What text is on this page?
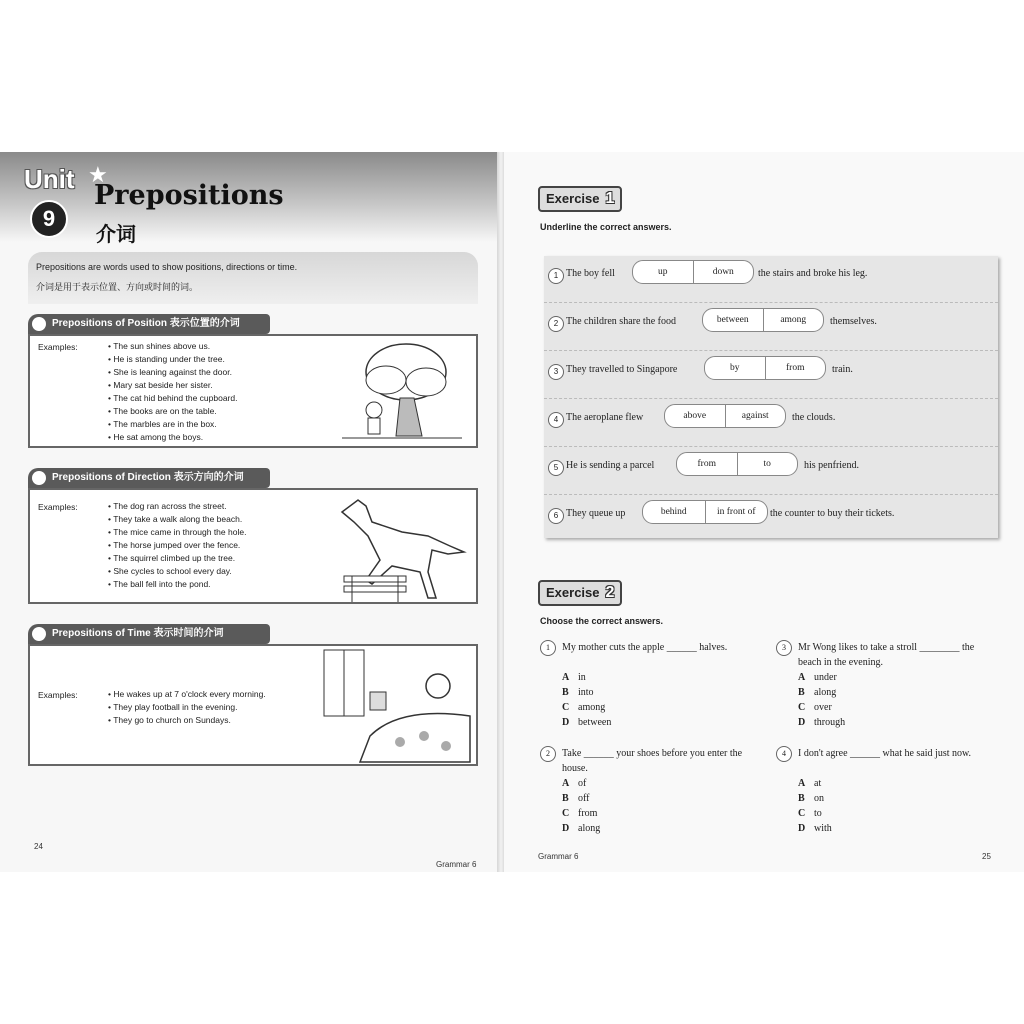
Unit
9
★
Prepositions
介词
Prepositions are words used to show positions, directions or time.
介词是用于表示位置、方向或时间的词。
Prepositions of Position 表示位置的介词
Examples:	• The sun shines above us.
• He is standing under the tree.
• She is leaning against the door.
• Mary sat beside her sister.
• The cat hid behind the cupboard.
• The books are on the table.
• The marbles are in the box.
• He sat among the boys.
Prepositions of Direction 表示方向的介词
Examples:	• The dog ran across the street.
• They take a walk along the beach.
• The mice came in through the hole.
• The horse jumped over the fence.
• The squirrel climbed up the tree.
• She cycles to school every day.
• The ball fell into the pond.
Prepositions of Time 表示时间的介词
Examples:	• He wakes up at 7 o'clock every morning.
• They play football in the evening.
• They go to church on Sundays.
24
Grammar 6
Exercise 1
Underline the correct answers.
1 The boy fell	up	down	the stairs and broke his leg.
2 The children share the food	between	among	themselves.
3 They travelled to Singapore	by	from	train.
4 The aeroplane flew	above	against	the clouds.
5 He is sending a parcel	from	to	his penfriend.
6 They queue up	behind	in front of	the counter to buy their tickets.
Exercise 2
Choose the correct answers.
1	My mother cuts the apple ______ halves.
A in
B into
C among
D between
2	Take ______ your shoes before you enter the house.
A of
B off
C from
D along
3	Mr Wong likes to take a stroll ________ the beach in the evening.
A under
B along
C over
D through
4	I don't agree ______ what he said just now.
A at
B on
C to
D with
Grammar 6	25
